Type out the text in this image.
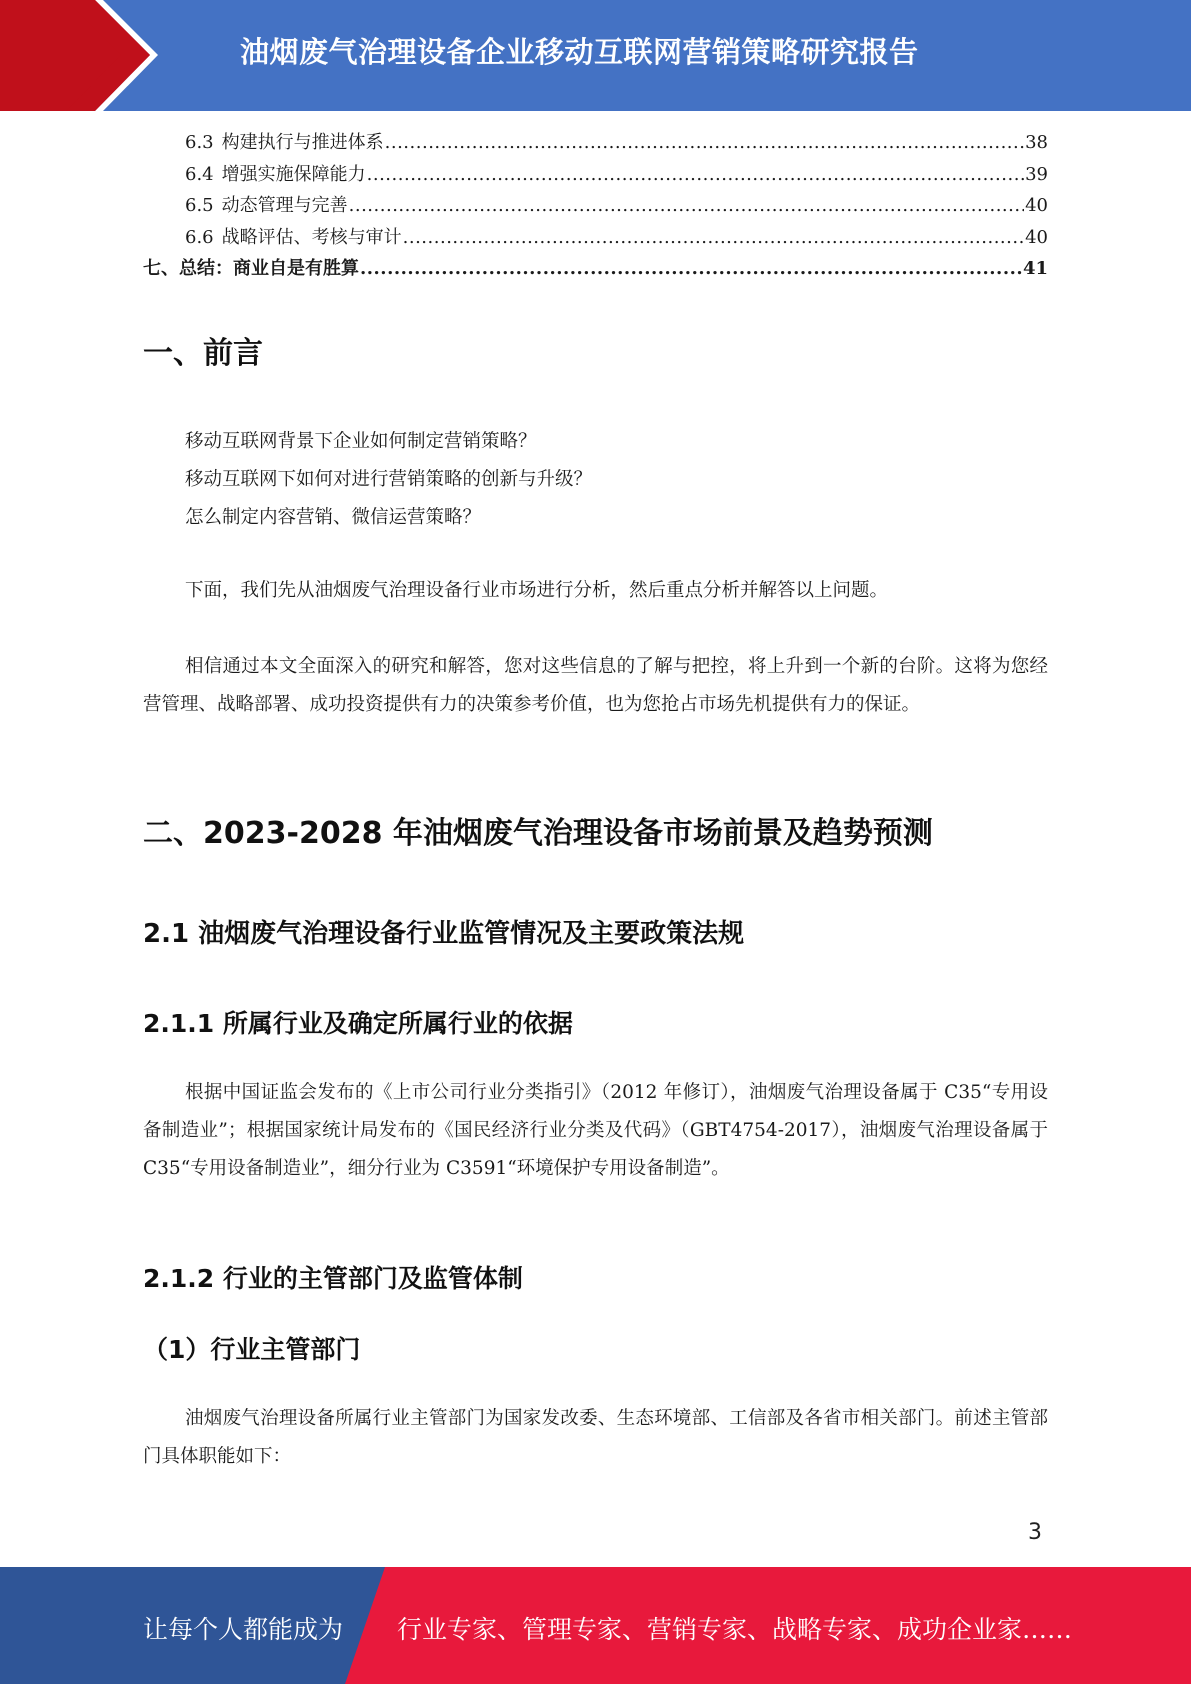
油烟废气治理设备企业移动互联网营销策略研究报告
6.3 构建执行与推进体系 .....	38
6.4 增强实施保障能力 .....	39
6.5 动态管理与完善 .....	40
6.6 战略评估、考核与审计 .....	40
七、总结：商业自是有胜算 .....	41
一、前言
移动互联网背景下企业如何制定营销策略？
移动互联网下如何对进行营销策略的创新与升级？
怎么制定内容营销、微信运营策略？

下面，我们先从油烟废气治理设备行业市场进行分析，然后重点分析并解答以上问题。

相信通过本文全面深入的研究和解答，您对这些信息的了解与把控，将上升到一个新的台阶。这将为您经营管理、战略部署、成功投资提供有力的决策参考价值，也为您抢占市场先机提供有力的保证。

二、2023-2028 年油烟废气治理设备市场前景及趋势预测
2.1 油烟废气治理设备行业监管情况及主要政策法规
2.1.1 所属行业及确定所属行业的依据

根据中国证监会发布的《上市公司行业分类指引》（2012 年修订），油烟废气治理设备属于 C35“专用设备制造业”；根据国家统计局发布的《国民经济行业分类及代码》（GBT4754-2017），油烟废气治理设备属于 C35“专用设备制造业”，细分行业为 C3591“环境保护专用设备制造”。

2.1.2 行业的主管部门及监管体制
（1）行业主管部门

油烟废气治理设备所属行业主管部门为国家发改委、生态环境部、工信部及各省市相关部门。前述主管部门具体职能如下：

3
让每个人都能成为 行业专家、管理专家、营销专家、战略专家、成功企业家……
